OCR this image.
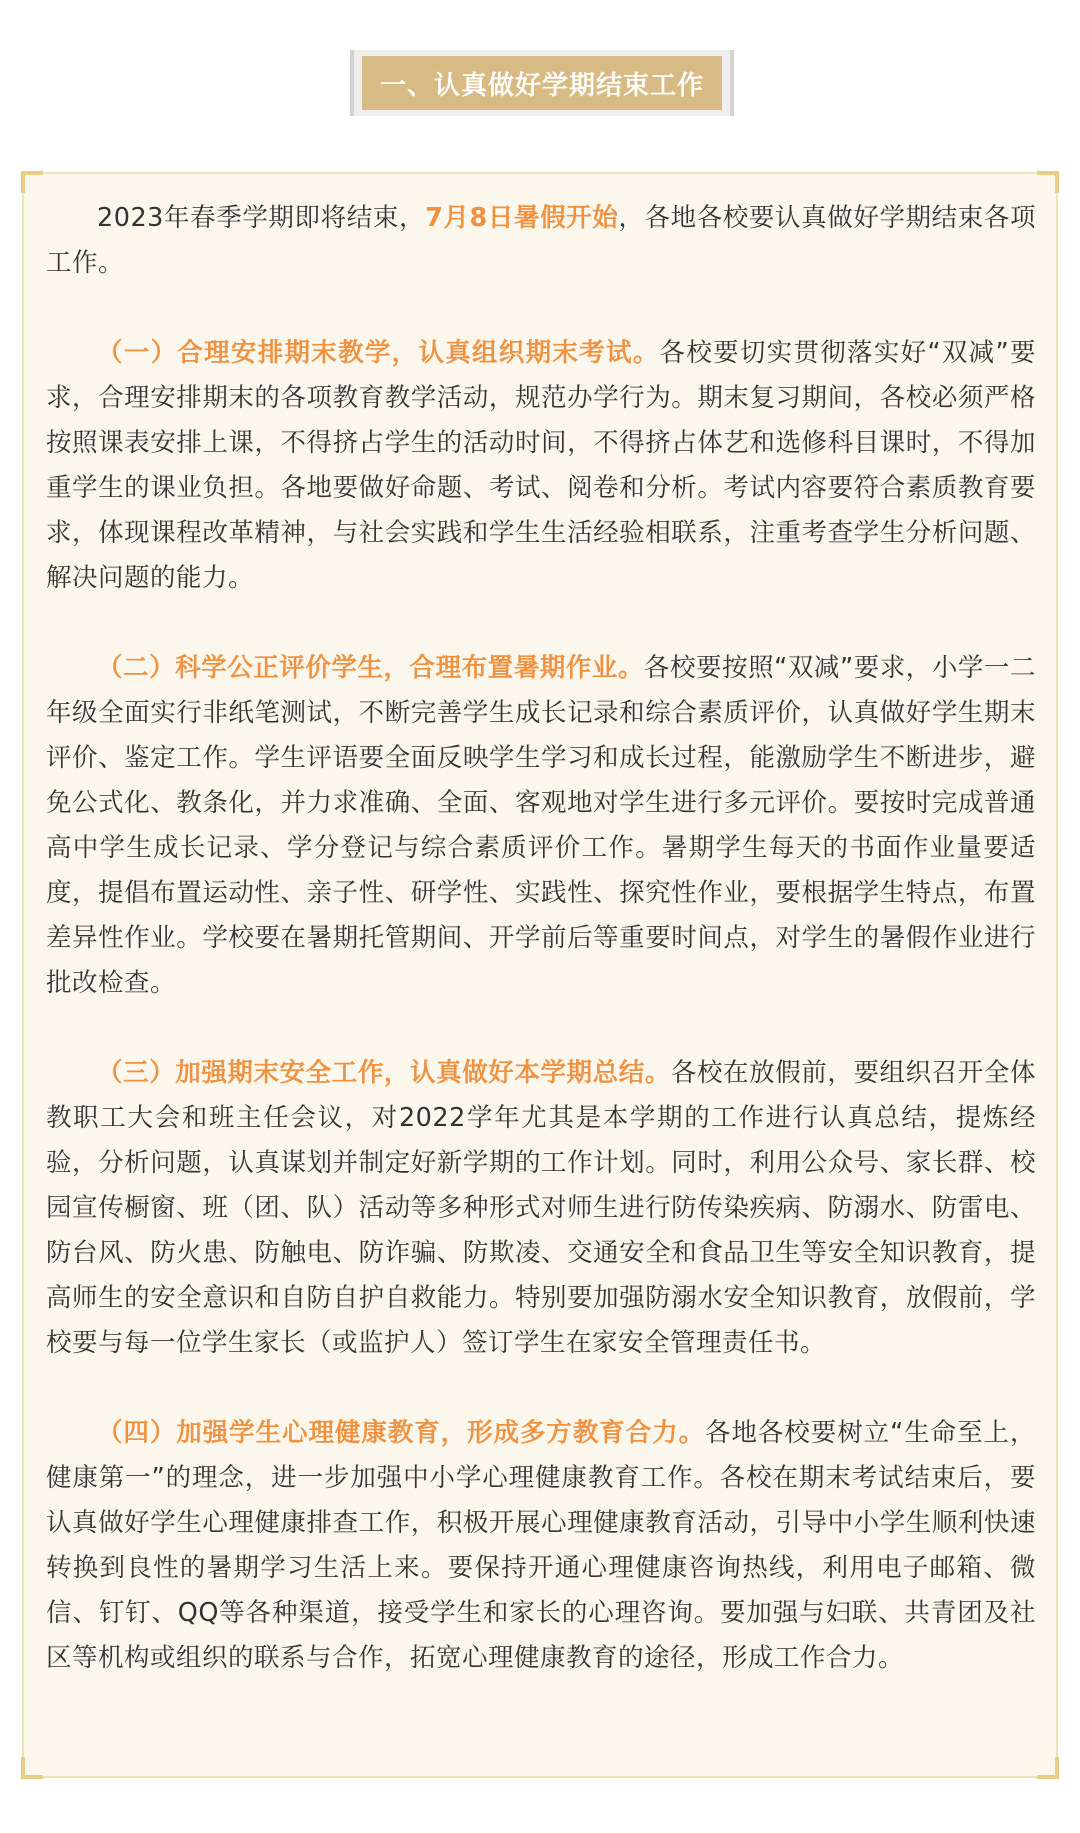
一、认真做好学期结束工作

2023年春季学期即将结束，7月8日暑假开始，各地各校要认真做好学期结束各项工作。

（一）合理安排期末教学，认真组织期末考试。各校要切实贯彻落实好“双减”要求，合理安排期末的各项教育教学活动，规范办学行为。期末复习期间，各校必须严格按照课表安排上课，不得挤占学生的活动时间，不得挤占体艺和选修科目课时，不得加重学生的课业负担。各地要做好命题、考试、阅卷和分析。考试内容要符合素质教育要求，体现课程改革精神，与社会实践和学生生活经验相联系，注重考查学生分析问题、解决问题的能力。

（二）科学公正评价学生，合理布置暑期作业。各校要按照“双减”要求，小学一二年级全面实行非纸笔测试，不断完善学生成长记录和综合素质评价，认真做好学生期末评价、鉴定工作。学生评语要全面反映学生学习和成长过程，能激励学生不断进步，避免公式化、教条化，并力求准确、全面、客观地对学生进行多元评价。要按时完成普通高中学生成长记录、学分登记与综合素质评价工作。暑期学生每天的书面作业量要适度，提倡布置运动性、亲子性、研学性、实践性、探究性作业，要根据学生特点，布置差异性作业。学校要在暑期托管期间、开学前后等重要时间点，对学生的暑假作业进行批改检查。

（三）加强期末安全工作，认真做好本学期总结。各校在放假前，要组织召开全体教职工大会和班主任会议，对2022学年尤其是本学期的工作进行认真总结，提炼经验，分析问题，认真谋划并制定好新学期的工作计划。同时，利用公众号、家长群、校园宣传橱窗、班（团、队）活动等多种形式对师生进行防传染疾病、防溺水、防雷电、防台风、防火患、防触电、防诈骗、防欺凌、交通安全和食品卫生等安全知识教育，提高师生的安全意识和自防自护自救能力。特别要加强防溺水安全知识教育，放假前，学校要与每一位学生家长（或监护人）签订学生在家安全管理责任书。

（四）加强学生心理健康教育，形成多方教育合力。各地各校要树立“生命至上，健康第一”的理念，进一步加强中小学心理健康教育工作。各校在期末考试结束后，要认真做好学生心理健康排查工作，积极开展心理健康教育活动，引导中小学生顺利快速转换到良性的暑期学习生活上来。要保持开通心理健康咨询热线，利用电子邮箱、微信、钉钉、QQ等各种渠道，接受学生和家长的心理咨询。要加强与妇联、共青团及社区等机构或组织的联系与合作，拓宽心理健康教育的途径，形成工作合力。
